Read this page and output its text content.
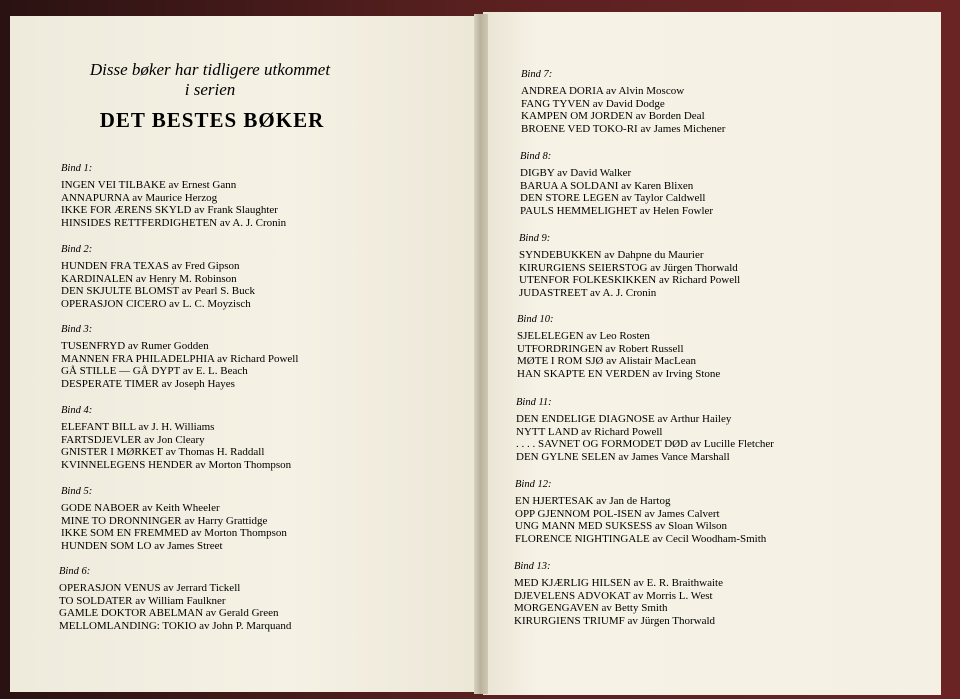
Disse bøker har tidligere utkommet
i serien
DET BESTES BØKER
Bind 1:
INGEN VEI TILBAKE av Ernest Gann
ANNAPURNA av Maurice Herzog
IKKE FOR ÆRENS SKYLD av Frank Slaughter
HINSIDES RETTFERDIGHETEN av A. J. Cronin
Bind 2:
HUNDEN FRA TEXAS av Fred Gipson
KARDINALEN av Henry M. Robinson
DEN SKJULTE BLOMST av Pearl S. Buck
OPERASJON CICERO av L. C. Moyzisch
Bind 3:
TUSENFRYD av Rumer Godden
MANNEN FRA PHILADELPHIA av Richard Powell
GÅ STILLE — GÅ DYPT av E. L. Beach
DESPERATE TIMER av Joseph Hayes
Bind 4:
ELEFANT BILL av J. H. Williams
FARTSDJEVLER av Jon Cleary
GNISTER I MØRKET av Thomas H. Raddall
KVINNELEGENS HENDER av Morton Thompson
Bind 5:
GODE NABOER av Keith Wheeler
MINE TO DRONNINGER av Harry Grattidge
IKKE SOM EN FREMMED av Morton Thompson
HUNDEN SOM LO av James Street
Bind 6:
OPERASJON VENUS av Jerrard Tickell
TO SOLDATER av William Faulkner
GAMLE DOKTOR ABELMAN av Gerald Green
MELLOMLANDING: TOKIO av John P. Marquand
Bind 7:
ANDREA DORIA av Alvin Moscow
FANG TYVEN av David Dodge
KAMPEN OM JORDEN av Borden Deal
BROENE VED TOKO-RI av James Michener
Bind 8:
DIGBY av David Walker
BARUA A SOLDANI av Karen Blixen
DEN STORE LEGEN av Taylor Caldwell
PAULS HEMMELIGHET av Helen Fowler
Bind 9:
SYNDEBUKKEN av Dahpne du Maurier
KIRURGIENS SEIERSTOG av Jürgen Thorwald
UTENFOR FOLKESKIKKEN av Richard Powell
JUDASTREET av A. J. Cronin
Bind 10:
SJELELEGEN av Leo Rosten
UTFORDRINGEN av Robert Russell
MØTE I ROM SJØ av Alistair MacLean
HAN SKAPTE EN VERDEN av Irving Stone
Bind 11:
DEN ENDELIGE DIAGNOSE av Arthur Hailey
NYTT LAND av Richard Powell
. . . . SAVNET OG FORMODET DØD av Lucille Fletcher
DEN GYLNE SELEN av James Vance Marshall
Bind 12:
EN HJERTESAK av Jan de Hartog
OPP GJENNOM POL-ISEN av James Calvert
UNG MANN MED SUKSESS av Sloan Wilson
FLORENCE NIGHTINGALE av Cecil Woodham-Smith
Bind 13:
MED KJÆRLIG HILSEN av E. R. Braithwaite
DJEVELENS ADVOKAT av Morris L. West
MORGENGAVEN av Betty Smith
KIRURGIENS TRIUMF av Jürgen Thorwald
